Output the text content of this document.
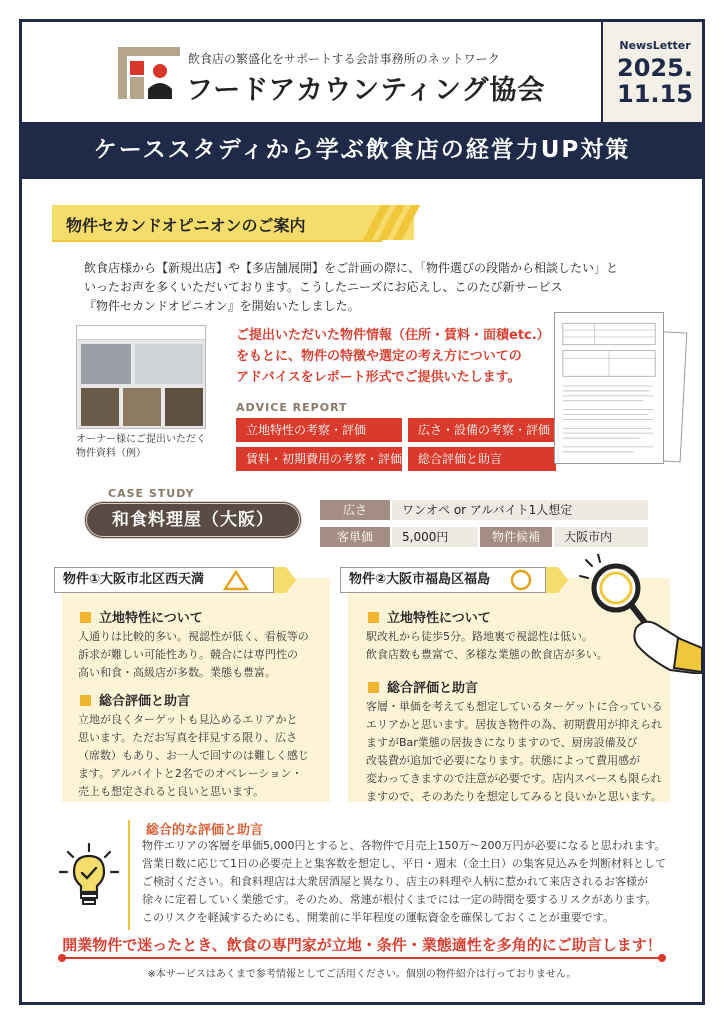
飲食店の繁盛化をサポートする会計事務所のネットワーク
フードアカウンティング協会
NewsLetter
2025.
11.15
ケーススタディから学ぶ飲食店の経営力UP対策
物件セカンドオピニオンのご案内
飲食店様から【新規出店】や【多店舗展開】をご計画の際に、「物件選びの段階から相談したい」と
いったお声を多くいただいております。こうしたニーズにお応えし、このたび新サービス
『物件セカンドオピニオン』を開始いたしました。
オーナー様にご提出いただく
物件資料（例）
ご提出いただいた物件情報（住所・賃料・面積etc.）
をもとに、物件の特徴や選定の考え方についての
アドバイスをレポート形式でご提供いたします。
ADVICE REPORT
立地特性の考察・評価	広さ・設備の考察・評価
賃料・初期費用の考察・評価	総合評価と助言
CASE STUDY
和食料理屋（大阪）	広さ	ワンオペ or アルバイト1人想定
客単価	5,000円	物件候補	大阪市内
物件①大阪市北区西天満
立地特性について
人通りは比較的多い。視認性が低く、看板等の
訴求が難しい可能性あり。競合には専門性の
高い和食・高級店が多数。業態も豊富。
総合評価と助言
立地が良くターゲットも見込めるエリアかと
思います。ただお写真を拝見する限り、広さ
（席数）もあり、お一人で回すのは難しく感じ
ます。アルバイトと2名でのオペレーション・
売上も想定されると良いと思います。
物件②大阪市福島区福島
立地特性について
駅改札から徒歩5分。路地裏で視認性は低い。
飲食店数も豊富で、多様な業態の飲食店が多い。
総合評価と助言
客層・単価を考えても想定しているターゲットに合っている
エリアかと思います。居抜き物件の為、初期費用が抑えられ
ますがBar業態の居抜きになりますので、厨房設備及び
改装費が追加で必要になります。状態によって費用感が
変わってきますので注意が必要です。店内スペースも限られ
ますので、そのあたりを想定してみると良いかと思います。
総合的な評価と助言
物件エリアの客層を単価5,000円とすると、各物件で月売上150万〜200万円が必要になると思われます。
営業日数に応じて1日の必要売上と集客数を想定し、平日・週末（金土日）の集客見込みを判断材料として
ご検討ください。和食料理店は大衆居酒屋と異なり、店主の料理や人柄に惹かれて来店されるお客様が
徐々に定着していく業態です。そのため、常連が根付くまでには一定の時間を要するリスクがあります。
このリスクを軽減するためにも、開業前に半年程度の運転資金を確保しておくことが重要です。
開業物件で迷ったとき、飲食の専門家が立地・条件・業態適性を多角的にご助言します！
※本サービスはあくまで参考情報としてご活用ください。個別の物件紹介は行っておりません。
